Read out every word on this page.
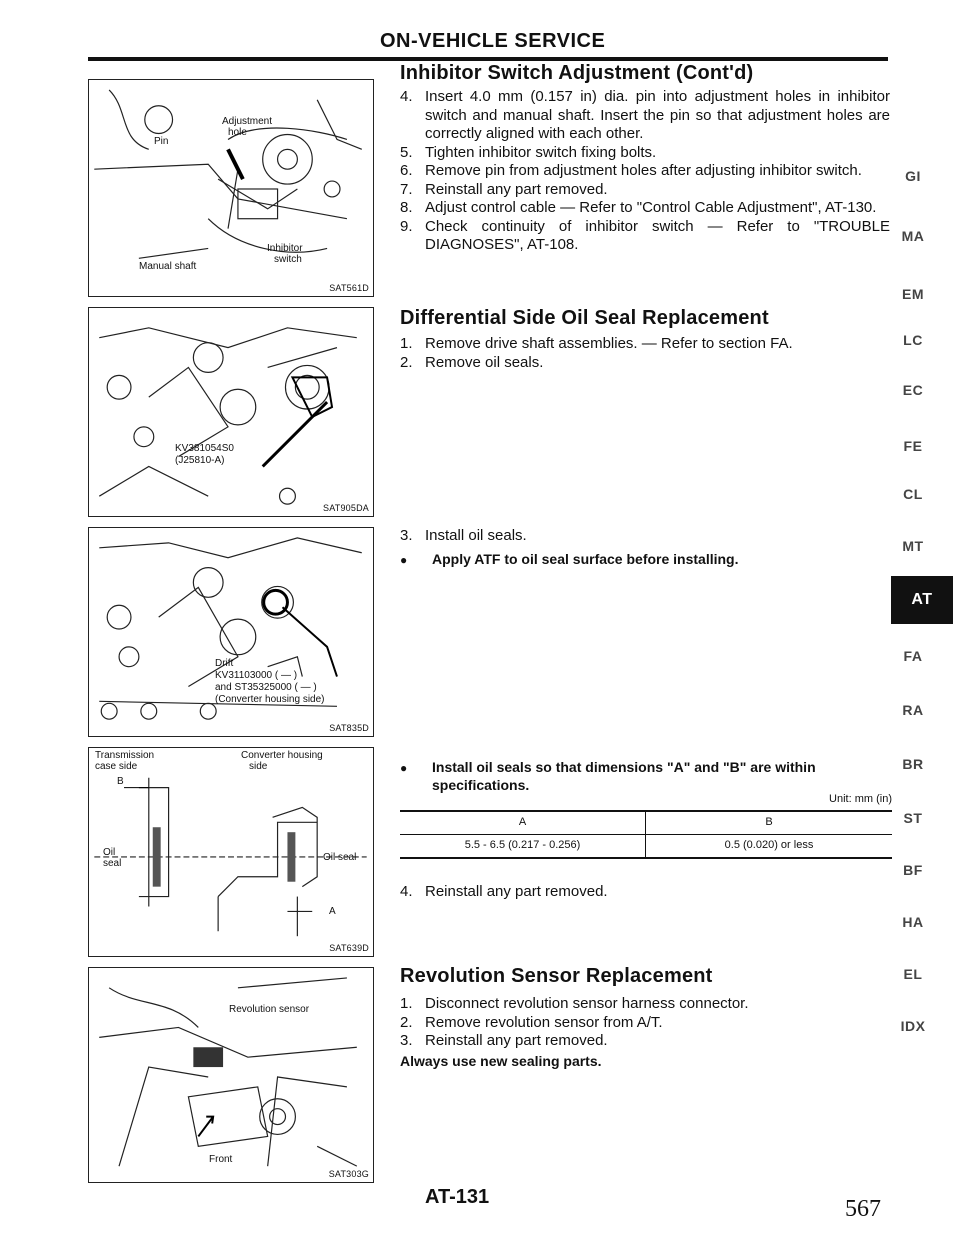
ON-VEHICLE SERVICE
Inhibitor Switch Adjustment (Cont'd)
4. Insert 4.0 mm (0.157 in) dia. pin into adjustment holes in inhibitor switch and manual shaft. Insert the pin so that adjustment holes are correctly aligned with each other.
5. Tighten inhibitor switch fixing bolts.
6. Remove pin from adjustment holes after adjusting inhibitor switch.
7. Reinstall any part removed.
8. Adjust control cable — Refer to "Control Cable Adjustment", AT-130.
9. Check continuity of inhibitor switch — Refer to "TROUBLE DIAGNOSES", AT-108.
Differential Side Oil Seal Replacement
1. Remove drive shaft assemblies. — Refer to section FA.
2. Remove oil seals.
3. Install oil seals.
●	Apply ATF to oil seal surface before installing.
●	Install oil seals so that dimensions "A" and "B" are within specifications.
Unit: mm (in)
A	B
5.5 - 6.5 (0.217 - 0.256)	0.5 (0.020) or less
4. Reinstall any part removed.
Revolution Sensor Replacement
1. Disconnect revolution sensor harness connector.
2. Remove revolution sensor from A/T.
3. Reinstall any part removed.
Always use new sealing parts.
Pin
Adjustment
hole
Inhibitor
switch
Manual shaft
SAT561D
KV381054S0
(J25810-A)
SAT905DA
Drift
KV31103000 ( — )
and ST35325000 ( — )
(Converter housing side)
SAT835D
Transmission
case side
Converter housing
side
B
Oil
seal
Oil seal
A
SAT639D
Revolution sensor
Front
SAT303G
GI
MA
EM
LC
EC
FE
CL
MT
AT
FA
RA
BR
ST
BF
HA
EL
IDX
AT-131	567
